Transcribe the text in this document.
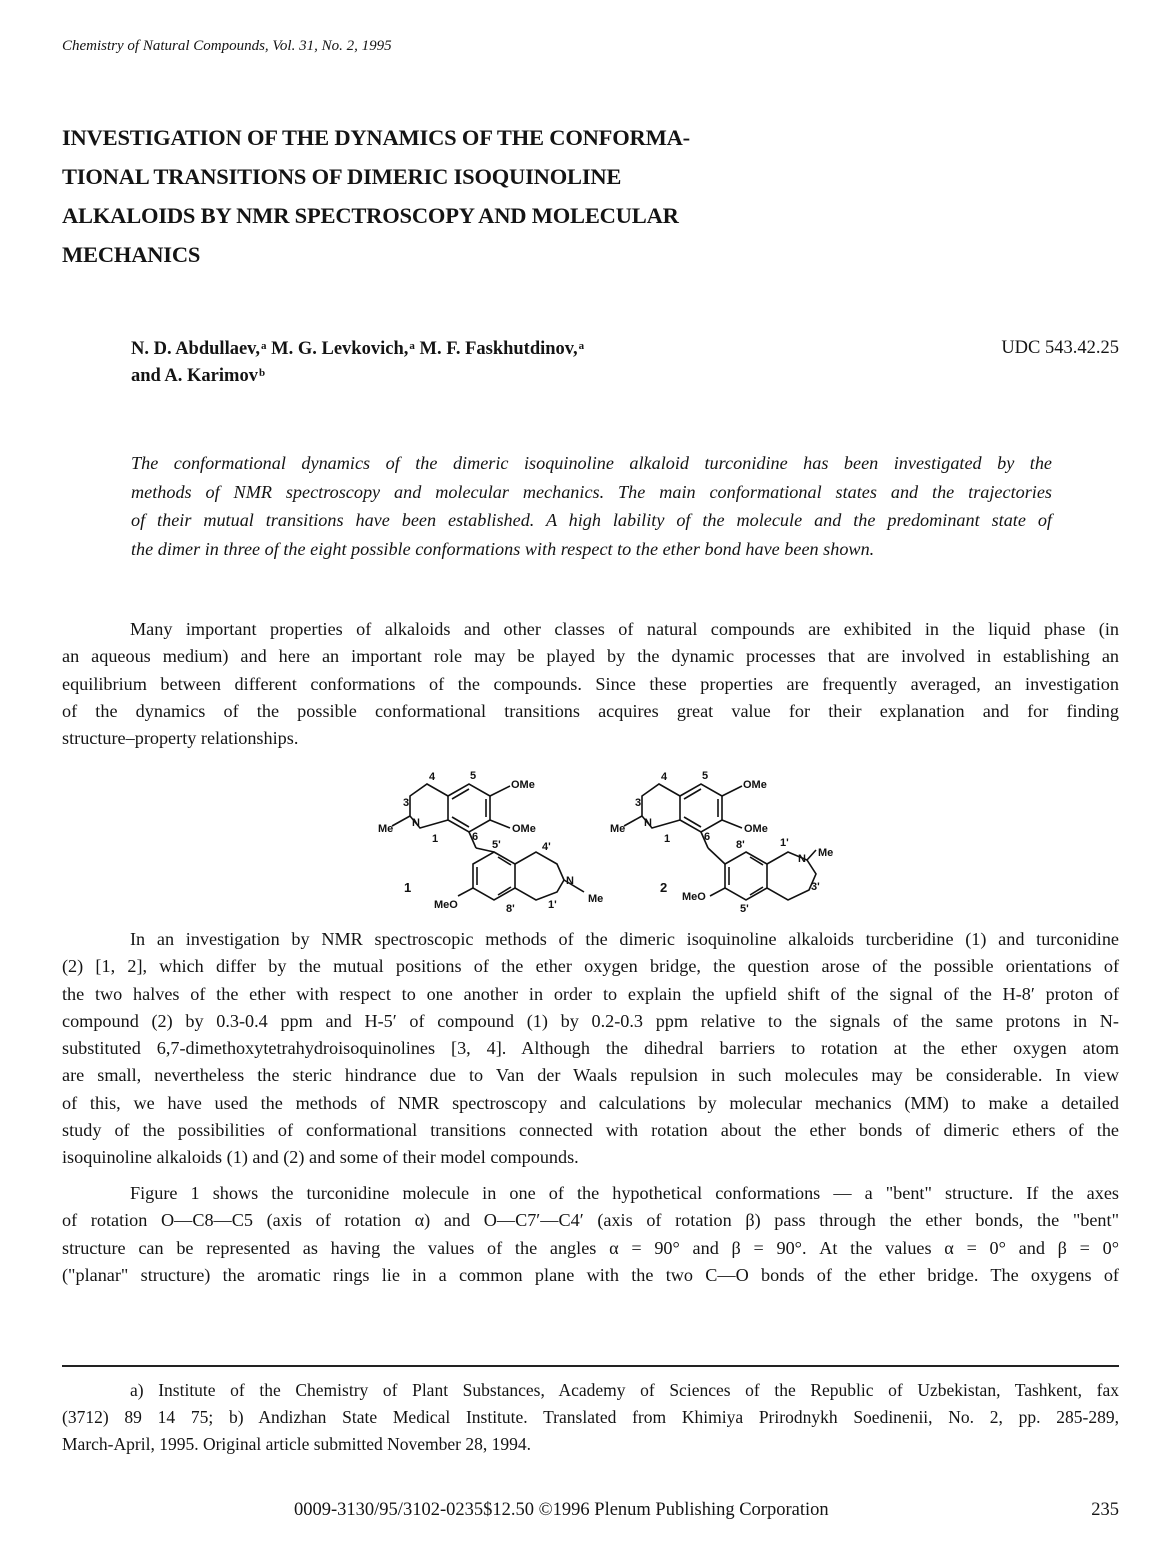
Chemistry of Natural Compounds, Vol. 31, No. 2, 1995
INVESTIGATION OF THE DYNAMICS OF THE CONFORMA-
TIONAL TRANSITIONS OF DIMERIC ISOQUINOLINE
ALKALOIDS BY NMR SPECTROSCOPY AND MOLECULAR
MECHANICS
N. D. Abdullaev,$^a$ M. G. Levkovich,$^a$ M. F. Faskhutdinov,$^a$
and A. Karimov$^b$
UDC 543.42.25
The conformational dynamics of the dimeric isoquinoline alkaloid turconidine has been investigated by the
methods of NMR spectroscopy and molecular mechanics. The main conformational states and the trajectories
of their mutual transitions have been established. A high lability of the molecule and the predominant state of
the dimer in three of the eight possible conformations with respect to the ether bond have been shown.
Many important properties of alkaloids and other classes of natural compounds are exhibited in the liquid phase (in
an aqueous medium) and here an important role may be played by the dynamic processes that are involved in establishing an
equilibrium between different conformations of the compounds. Since these properties are frequently averaged, an investigation
of the dynamics of the possible conformational transitions acquires great value for their explanation and for finding
structure–property relationships.
3
4	5
OMe
OMe
Me N
1	6
5'	4'
MeO	8'	1'
N
Me
1
3
4	5
OMe
OMe
Me N
1	6
8'	1'
N Me
3'
MeO
5'
2
In an investigation by NMR spectroscopic methods of the dimeric isoquinoline alkaloids turcberidine (1) and turconidine
(2) [1, 2], which differ by the mutual positions of the ether oxygen bridge, the question arose of the possible orientations of
the two halves of the ether with respect to one another in order to explain the upfield shift of the signal of the H-8′ proton of
compound (2) by 0.3-0.4 ppm and H-5′ of compound (1) by 0.2-0.3 ppm relative to the signals of the same protons in N-
substituted 6,7-dimethoxytetrahydroisoquinolines [3, 4]. Although the dihedral barriers to rotation at the ether oxygen atom
are small, nevertheless the steric hindrance due to Van der Waals repulsion in such molecules may be considerable. In view
of this, we have used the methods of NMR spectroscopy and calculations by molecular mechanics (MM) to make a detailed
study of the possibilities of conformational transitions connected with rotation about the ether bonds of dimeric ethers of the
isoquinoline alkaloids (1) and (2) and some of their model compounds.
Figure 1 shows the turconidine molecule in one of the hypothetical conformations — a "bent" structure. If the axes
of rotation O—C8—C5 (axis of rotation α) and O—C7′—C4′ (axis of rotation β) pass through the ether bonds, the "bent"
structure can be represented as having the values of the angles α = 90° and β = 90°. At the values α = 0° and β = 0°
("planar" structure) the aromatic rings lie in a common plane with the two C—O bonds of the ether bridge. The oxygens of
a) Institute of the Chemistry of Plant Substances, Academy of Sciences of the Republic of Uzbekistan, Tashkent, fax
(3712) 89 14 75; b) Andizhan State Medical Institute. Translated from Khimiya Prirodnykh Soedinenii, No. 2, pp. 285-289,
March-April, 1995. Original article submitted November 28, 1994.
0009-3130/95/3102-0235$12.50 ©1996 Plenum Publishing Corporation	235
